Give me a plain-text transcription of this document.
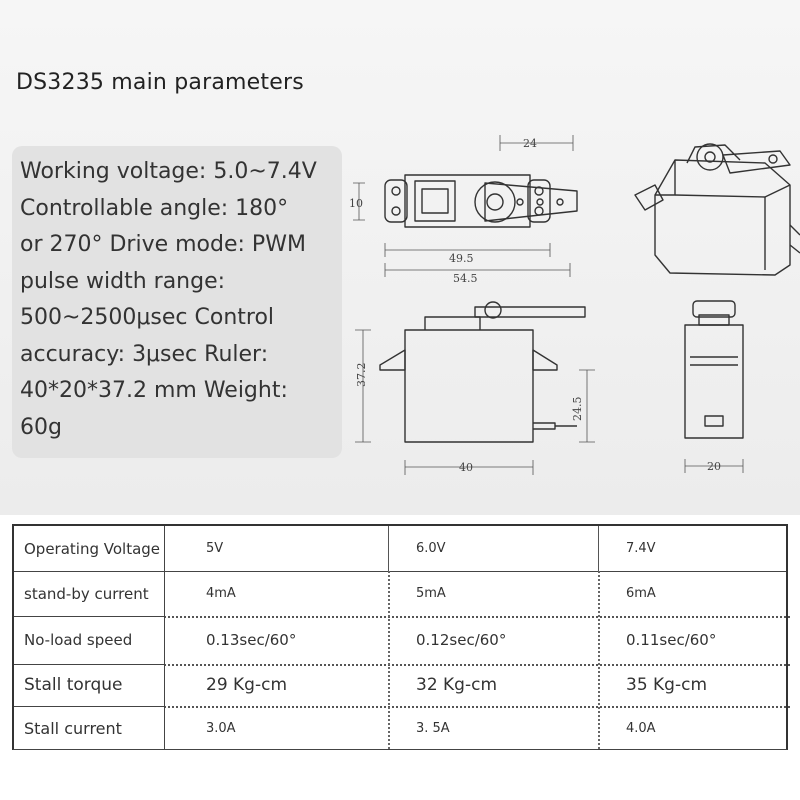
DS3235 main parameters
Working voltage: 5.0~7.4V
Controllable angle: 180°
or 270° Drive mode: PWM
pulse width range:
500~2500μsec Control
accuracy: 3μsec Ruler:
40*20*37.2 mm Weight:
60g
24
10
49.5
54.5
37.2
24.5
40	20
Operating Voltage	5V	6.0V	7.4V
stand-by current	4mA	5mA	6mA
No-load speed	0.13sec/60°	0.12sec/60°	0.11sec/60°
Stall torque	29 Kg-cm	32 Kg-cm	35 Kg-cm
Stall current	3.0A	3. 5A	4.0A
